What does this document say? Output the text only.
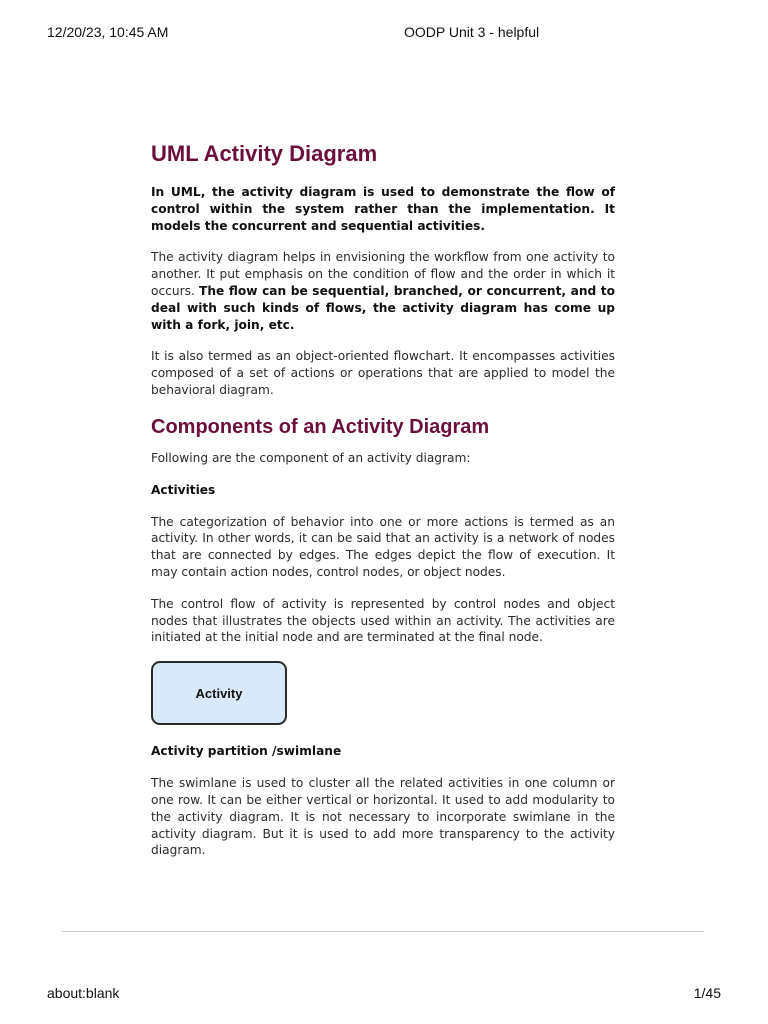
12/20/23, 10:45 AM	OODP Unit 3 - helpful
UML Activity Diagram

In UML, the activity diagram is used to demonstrate the flow of control within the system rather than the implementation. It models the concurrent and sequential activities.

The activity diagram helps in envisioning the workflow from one activity to another. It put emphasis on the condition of flow and the order in which it occurs. The flow can be sequential, branched, or concurrent, and to deal with such kinds of flows, the activity diagram has come up with a fork, join, etc.

It is also termed as an object-oriented flowchart. It encompasses activities composed of a set of actions or operations that are applied to model the behavioral diagram.

Components of an Activity Diagram

Following are the component of an activity diagram:

Activities

The categorization of behavior into one or more actions is termed as an activity. In other words, it can be said that an activity is a network of nodes that are connected by edges. The edges depict the flow of execution. It may contain action nodes, control nodes, or object nodes.

The control flow of activity is represented by control nodes and object nodes that illustrates the objects used within an activity. The activities are initiated at the initial node and are terminated at the final node.

Activity
Activity partition /swimlane

The swimlane is used to cluster all the related activities in one column or one row. It can be either vertical or horizontal. It used to add modularity to the activity diagram. It is not necessary to incorporate swimlane in the activity diagram. But it is used to add more transparency to the activity diagram.

about:blank	1/45
